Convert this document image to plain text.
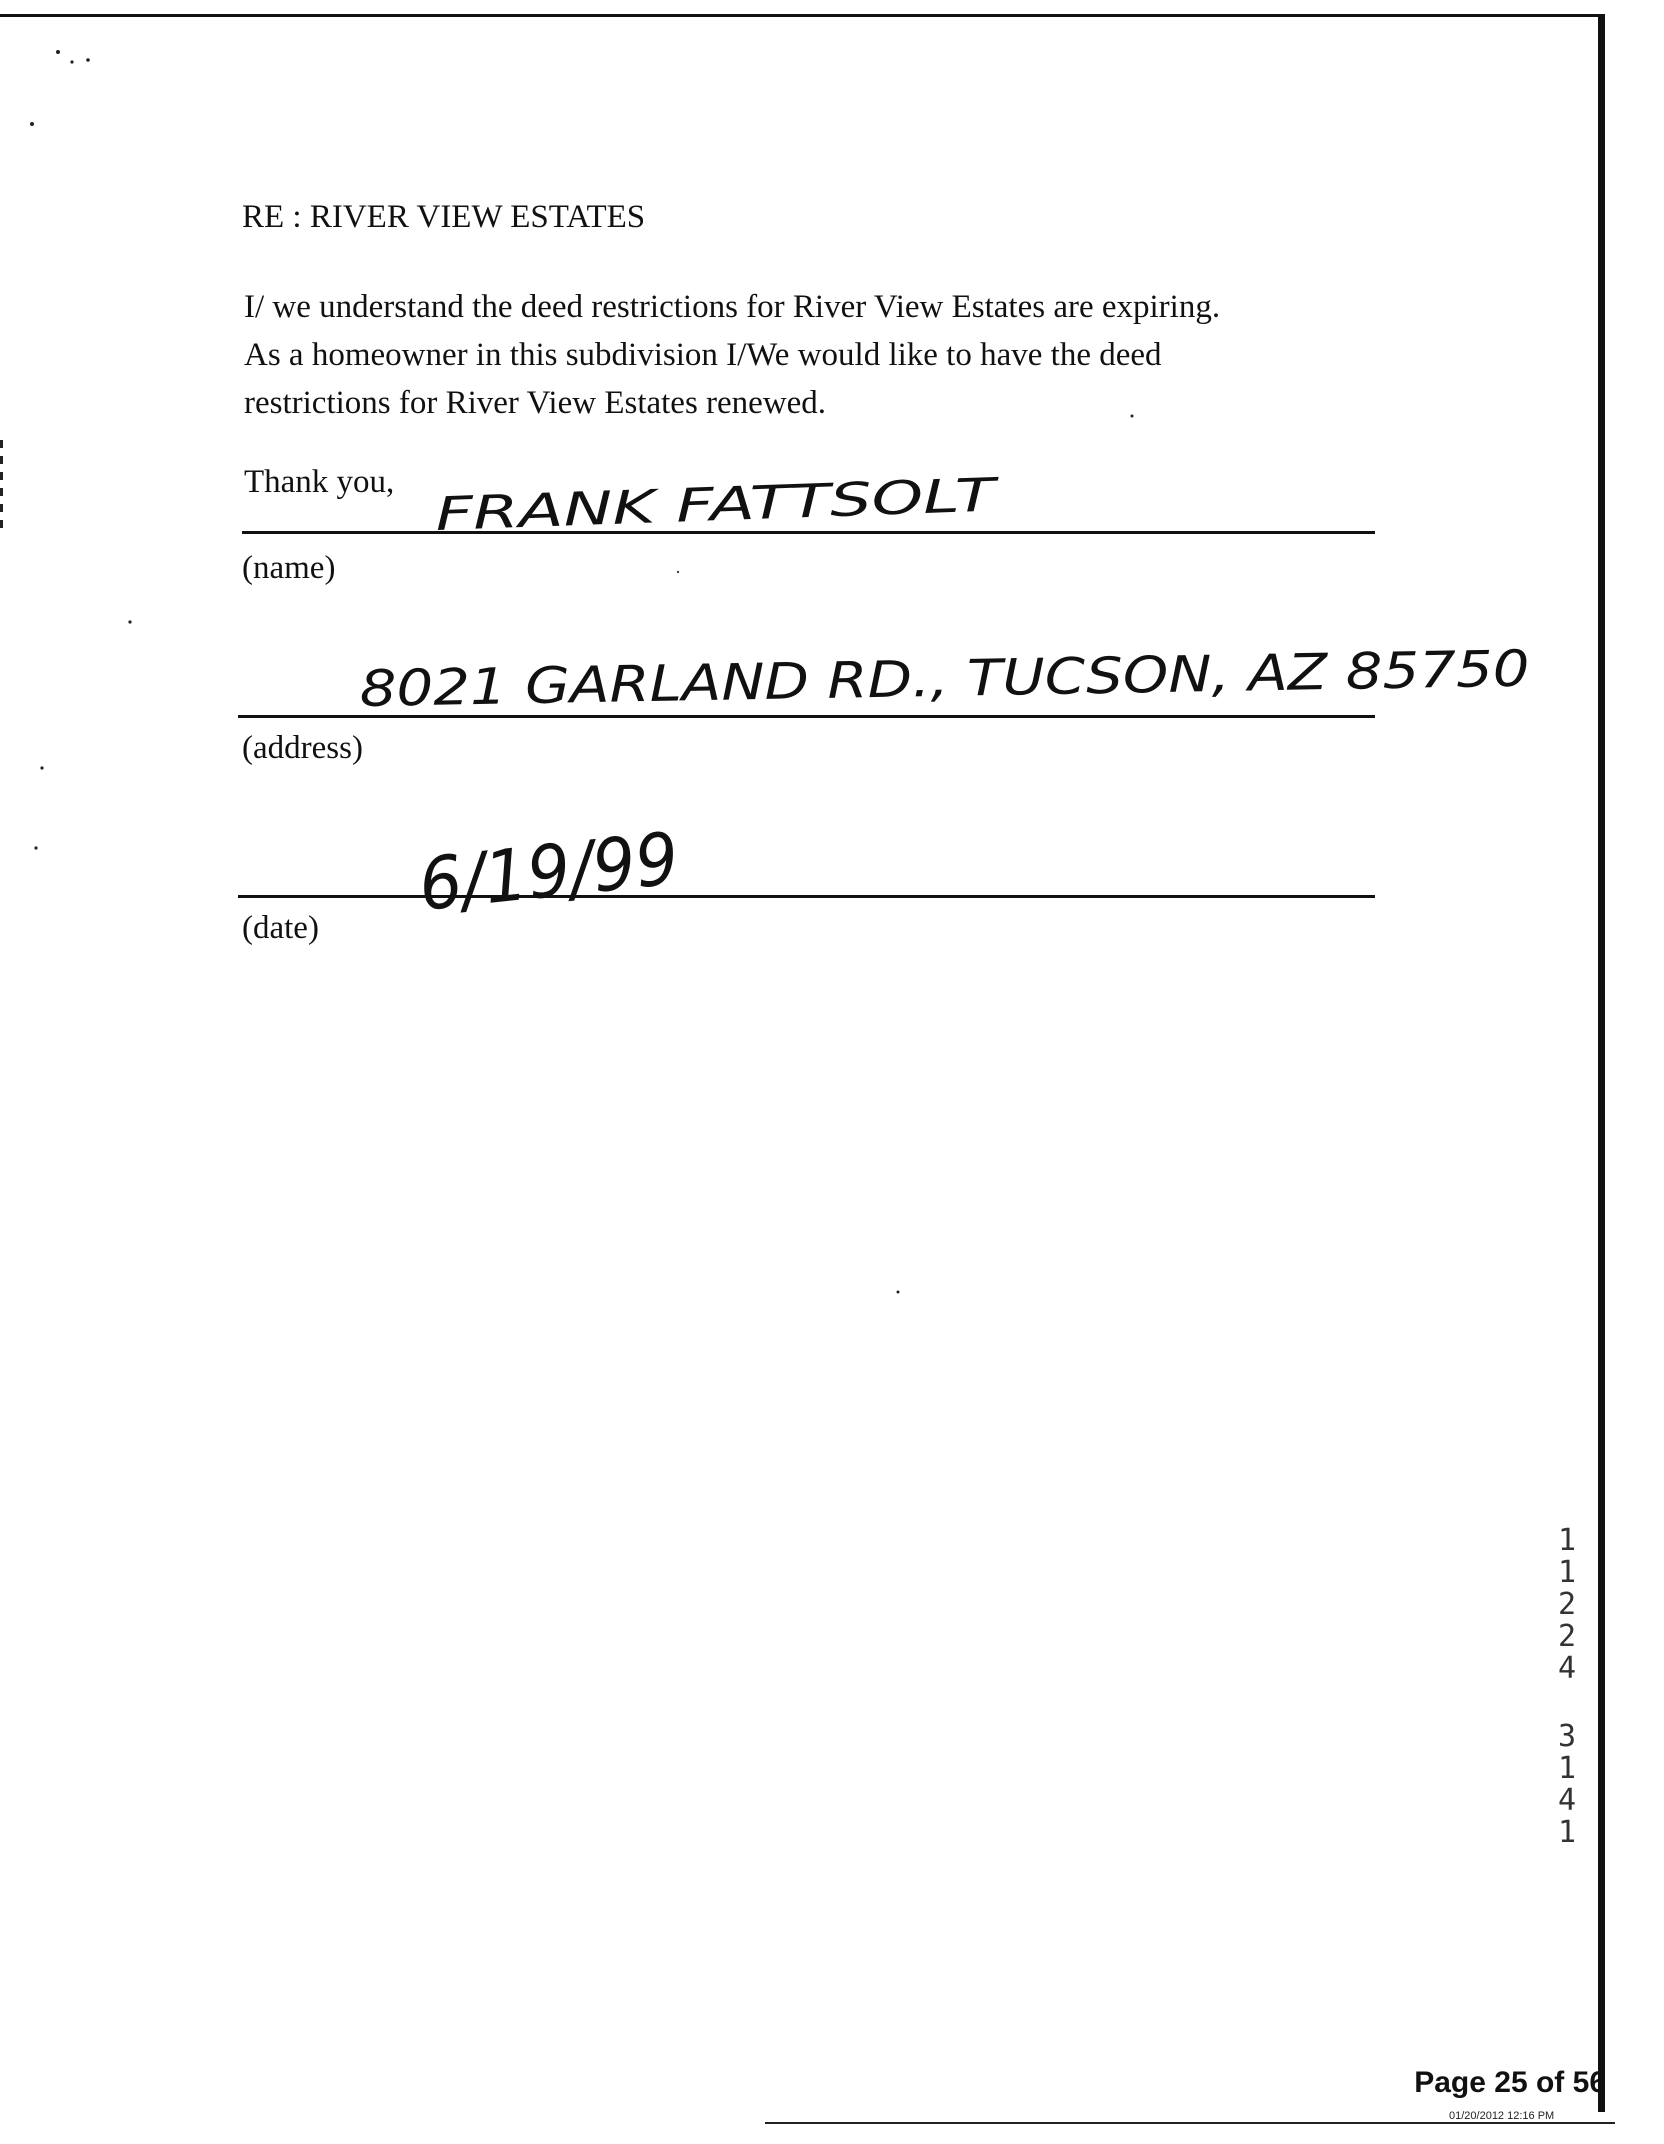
RE : RIVER VIEW ESTATES
I/ we understand the deed restrictions for River View Estates are expiring.
As a homeowner in this subdivision I/We would like to have the deed
restrictions for River View Estates renewed.
Thank you,
(name)
(address)
(date)
FRANK FATTSOLT
8021 GARLAND RD., TUCSON, AZ 85750
6/19/99
1
1
2
2
4
3
1
4
1
Page 25 of 56
01/20/2012 12:16 PM
